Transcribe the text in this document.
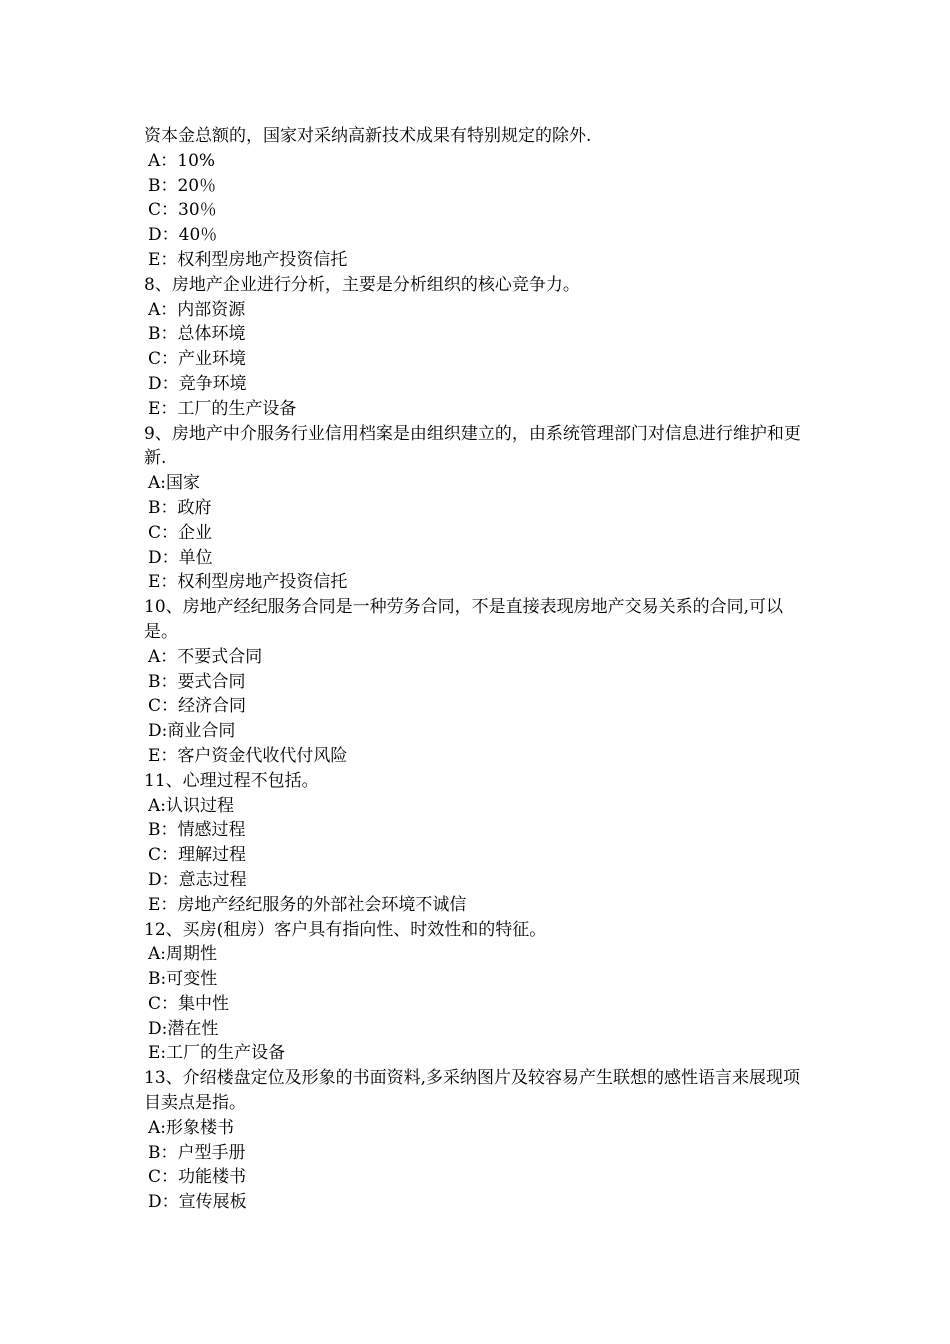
资本金总额的，国家对采纳高新技术成果有特别规定的除外.
A：10%
B：20％
C：30％
D：40％
E：权利型房地产投资信托
8、房地产企业进行分析，主要是分析组织的核心竞争力。
A：内部资源
B：总体环境
C：产业环境
D：竞争环境
E：工厂的生产设备
9、房地产中介服务行业信用档案是由组织建立的，由系统管理部门对信息进行维护和更新.
A:国家
B：政府
C：企业
D：单位
E：权利型房地产投资信托
10、房地产经纪服务合同是一种劳务合同，不是直接表现房地产交易关系的合同,可以是。
A：不要式合同
B：要式合同
C：经济合同
D:商业合同
E：客户资金代收代付风险
11、心理过程不包括。
A:认识过程
B：情感过程
C：理解过程
D：意志过程
E：房地产经纪服务的外部社会环境不诚信
12、买房(租房）客户具有指向性、时效性和的特征。
A:周期性
B:可变性
C：集中性
D:潜在性
E:工厂的生产设备
13、介绍楼盘定位及形象的书面资料,多采纳图片及较容易产生联想的感性语言来展现项目卖点是指。
A:形象楼书
B：户型手册
C：功能楼书
D：宣传展板
